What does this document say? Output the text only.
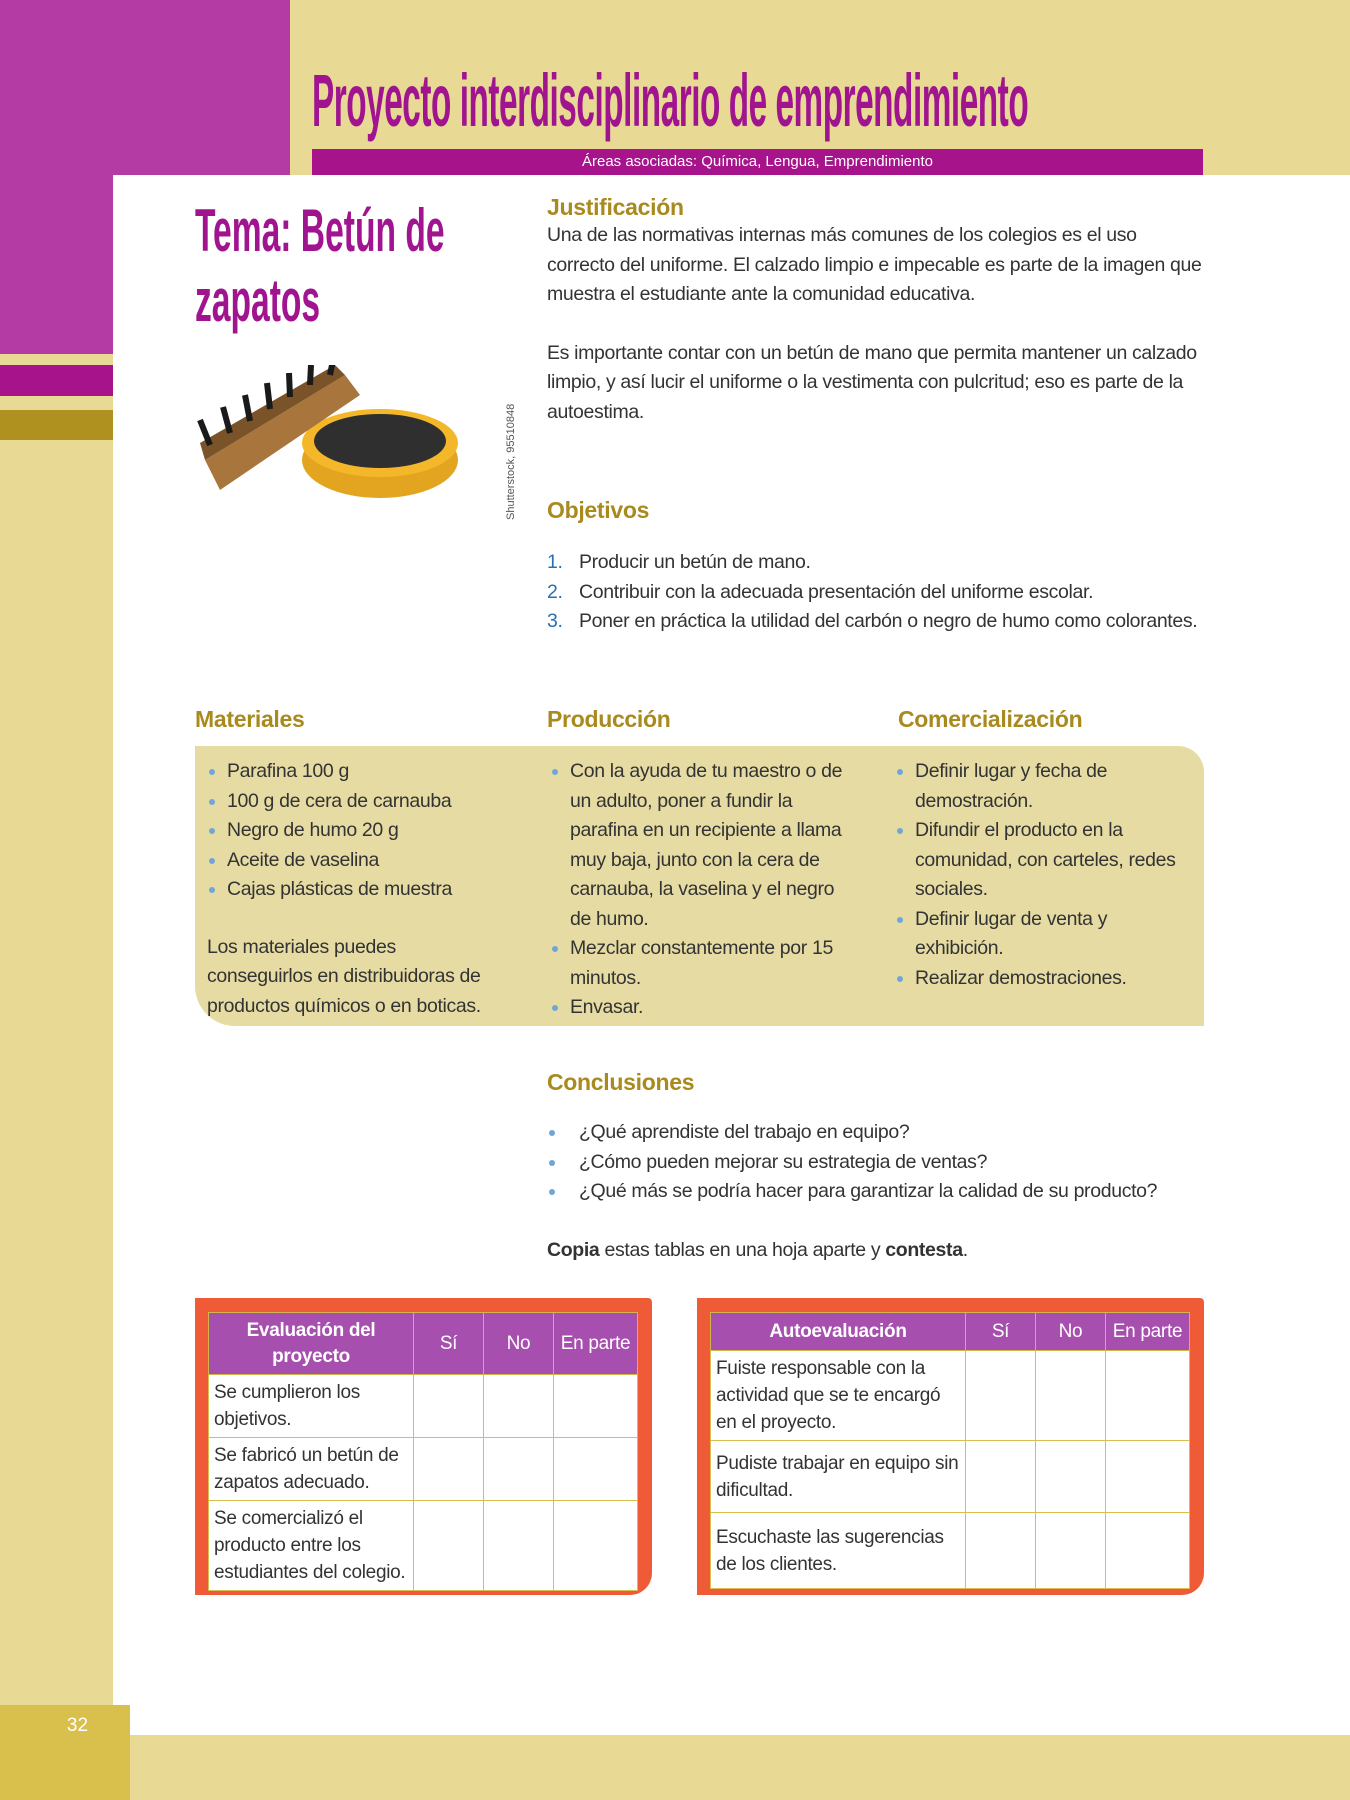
32
Proyecto interdisciplinario de emprendimiento
Áreas asociadas: Química, Lengua, Emprendimiento
Tema: Betún de zapatos
Shutterstock, 95510848
Justificación

Una de las normativas internas más comunes de los colegios es el uso correcto del uniforme. El calzado limpio e impecable es parte de la imagen que muestra el estudiante ante la comunidad educativa.

Es importante contar con un betún de mano que permita mantener un calzado limpio, y así lucir el uniforme o la vestimenta con pulcritud; eso es parte de la autoestima.

Objetivos
1. Producir un betún de mano.
2. Contribuir con la adecuada presentación del uniforme escolar.
3. Poner en práctica la utilidad del carbón o negro de humo como colorantes.
Materiales	Producción	Comercialización
Parafina 100 g
100 g de cera de carnauba
Negro de humo 20 g
Aceite de vaselina
Cajas plásticas de muestra

Los materiales puedes conseguirlos en distribuidoras de productos químicos o en boticas.

Con la ayuda de tu maestro o de un adulto, poner a fundir la parafina en un recipiente a llama muy baja, junto con la cera de carnauba, la vaselina y el negro de humo.
Mezclar constantemente por 15 minutos.
Envasar.
Definir lugar y fecha de demostración.
Difundir el producto en la comunidad, con carteles, redes sociales.
Definir lugar de venta y exhibición.
Realizar demostraciones.
Conclusiones
¿Qué aprendiste del trabajo en equipo?
¿Cómo pueden mejorar su estrategia de ventas?
¿Qué más se podría hacer para garantizar la calidad de su producto?

Copia estas tablas en una hoja aparte y contesta.

Evaluación del proyecto	Sí	No	En parte
Se cumplieron los objetivos.			
Se fabricó un betún de zapatos adecuado.			
Se comercializó el producto entre los estudiantes del colegio.			
Autoevaluación	Sí	No	En parte
Fuiste responsable con la actividad que se te encargó en el proyecto.			
Pudiste trabajar en equipo sin dificultad.			
Escuchaste las sugerencias de los clientes.			
